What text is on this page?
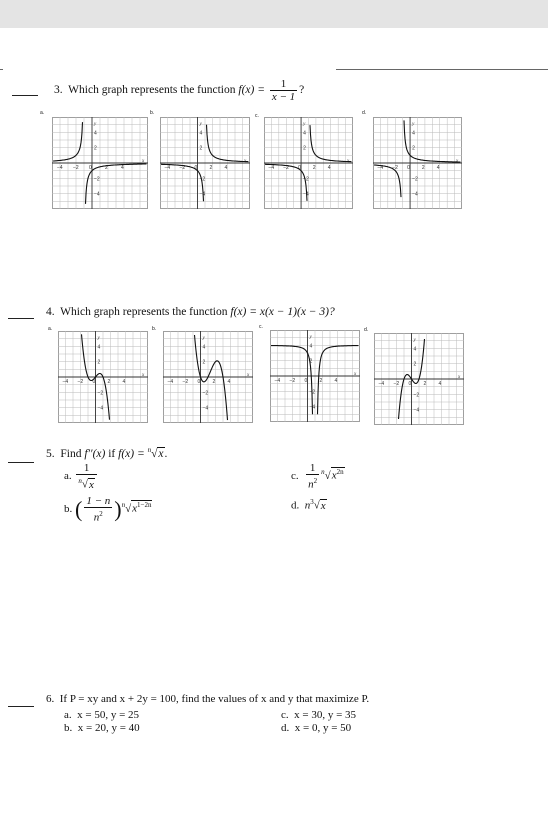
3. Which graph represents the function $f(x) = \frac{1}{x - 1}$ ?
a.	b.	c.	d.
−4 −2 0	2	4
x
4
2
−2
−4
y
−4 −2 0 2 4
x
4
2
−2
−4
y
−4 −2 0 2 4
x
4
2
−2
−4
y
−4 −2 0 2 4
x
4
2
−2
−4
y
4. Which graph represents the function f(x) = x(x − 1)(x − 3)?
a.	b.	c.	d.
−4 −2 0 2 4
x
4
2
−2
−4
y
−4 −2 0 2 4
x
4
2
−2
−4
y
−4 −2 0 2 4
x
4
2
−2
−4
y
−4 −2 0 2 4
x
4
2
−2
−4
y
5. Find f′′(x) if f(x) = $^n$√x.
a. $\frac{1}{^n√x}$
b. ( $\frac{1 - n}{n^2} )^n√x^{1-2n}$
c. $\frac{1}{n^2} ^n√x^{2n}$
d. $n^3√x$
6. If P = xy and x + 2y = 100, find the values of x and y that maximize P.
a. x = 50, y = 25
b. x = 20, y = 40
c. x = 30, y = 35
d. x = 0, y = 50
